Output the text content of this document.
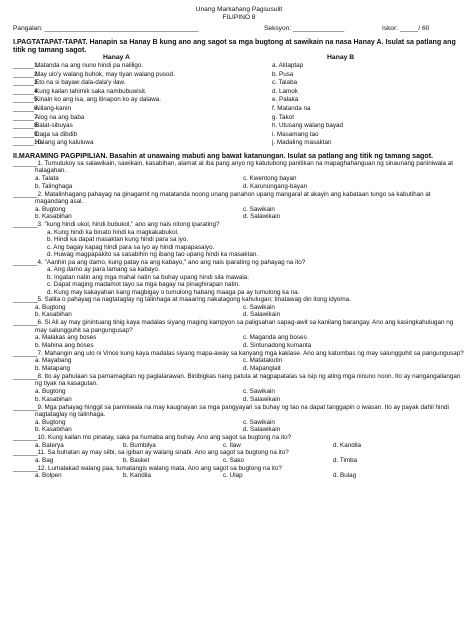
Unang Markahang Pagsusulit
FILIPINO 8
Pangalan: __________________________________________	Seksyon: ______________	Iskor: _____/ 60
I.PAGTATAPAT-TAPAT. Hanapin sa Hanay B kung ano ang sagot sa mga bugtong at sawikain na nasa Hanay A. Isulat sa patlang ang titik ng tamang sagot.
Hanay A	Hanay B
______1.
Matanda na ang nuno hindi pa naliligo.	a. Alitaptap
______2.
May ulo'y walang buhok, may tiyan walang pusod.	b. Pusa
______3.
Eto na si bayaw dala-dala'y ilaw.	c. Talaba
______4.
Kung kailan tahimik saka nambubuwisit.	d. Lamok
______5.
Kinain ko ang isa, ang itinapon ko ay dalawa.	e. Palaka
______6.
Alilang-kanin	f. Matanda na
______7.
Alog na ang baba	g. Takot
______8.
Balat-sibuyas	h. Utusang walang bayad
______9.
Daga sa dibdib	i. Masamang tao
______10.
Halang ang kaluluwa	j. Madaling masaktan
II.MARAMING PAGPIPILIAN. Basahin at unawaing mabuti ang bawat katanungan. Isulat sa patlang ang titik ng tamang sagot.
_______1. Tumutukoy sa salawikain, sawikain, kasabihan, alamat at iba pang anyo ng katutubong panitikan na mapaghahanguan ng sinaunang paniniwala at halagahan.
a. Talata	c. Kwentong bayan
b. Talinghaga	d. Karunungang-bayan
_______2. Matalinhagang pahayag na ginagamit ng matatanda noong unang panahon upang mangaral at akayin ang kabataan tungo sa kabutihan at magandang asal.
a. Bugtong	c. Sawikain
b. Kasabihan	d. Salawikain
_______3. "kung hindi ukol, hindi bubukol," ano ang nais nitong iparating?
a. Kung hindi ka binato hindi ka magkakabukol.
b. Hindi ka dapat masaktan kung hindi para sa iyo.
c. Ang bagay kapag hindi para sa iyo ay hindi mapapasaiyo.
d. Huwag magpapakito sa sasabihin ng ibang tao upang hindi ka masaktan.
_______4. "Aanhin pa ang damo, kung patay na ang kabayo," ano ang nais iparating ng pahayag na ito?
a. Ang damo ay para lamang sa kabayo.
b. Ingatan natin ang mga mahal natin sa buhay upang hindi sila mawala.
c. Dapat maging madamot tayo sa mga bagay na pinaghirapan natin.
d. Kung may kakayahan kang magbigay o tumulong habang maaga pa ay tumulong ka na.
_______5. Salita o pahayag na nagtataglay ng talinhaga at maaaring nakatagong kahulugan; tinatawag din itong idyoma.
a. Bugtong	c. Sawikain
b. Kasabihan	d. Salawikain
_______6. Si Ali ay may ginintuang tinig kaya madalas siyang maging kampyon sa paligsahan sapag-awit sa kanilang barangay. Ano ang kasingkahulugan ng may salungguhit sa pangungusap?
a. Malakas ang boses	c. Maganda ang boses
b. Mahina ang boses	d. Sintunadong kumanta
_______7. Mahangin ang ulo ni Vince kung kaya madalas siyang mapa-away sa kanyang mga kaklase. Ano ang katumbas ng may salungguhit sa pangungusap?
a. Mayabang	c. Matatakutin
b. Matapang	d. Mapanglait
_______8. Ito ay pahulaan sa pamamagitan ng paglalarawan. Binibigkas nang patula at nagpapatalas sa isip ng ating mga ninuno noon. Ito ay nangangailangan ng tiyak na kasagutan.
a. Bugtong	c. Sawikain
b. Kasabihan	d. Salawikain
_______9. Mga pahayag hinggil sa paniniwala na may kaugnayan sa mga pangyayari sa buhay ng tao na dapat tanggapin o iwasan. Ito ay payak dahil hindi nagtataglay ng talinhaga.
a. Bugtong	c. Sawikain
b. Kasabihan	d. Salawikain
_______10. Kung kailan mo pinatay, saka pa humaba ang buhay. Ano ang sagot sa bugtong na ito?
a. Baterya	b. Bumbilya	c. Ilaw	d. Kandila
_______11. Sa buhatan ay may silbi, sa igiban ay walang sinabi. Ano ang sagot sa bugtong na ito?
a. Bag	b. Basket	c. Sako	d. Timba
_______12. Lumalakad walang paa, tumatangis walang mata. Ano ang sagot sa bugtong na ito?
a. Bolpen	b. Kandila	c. Ulap	d. Bulag
